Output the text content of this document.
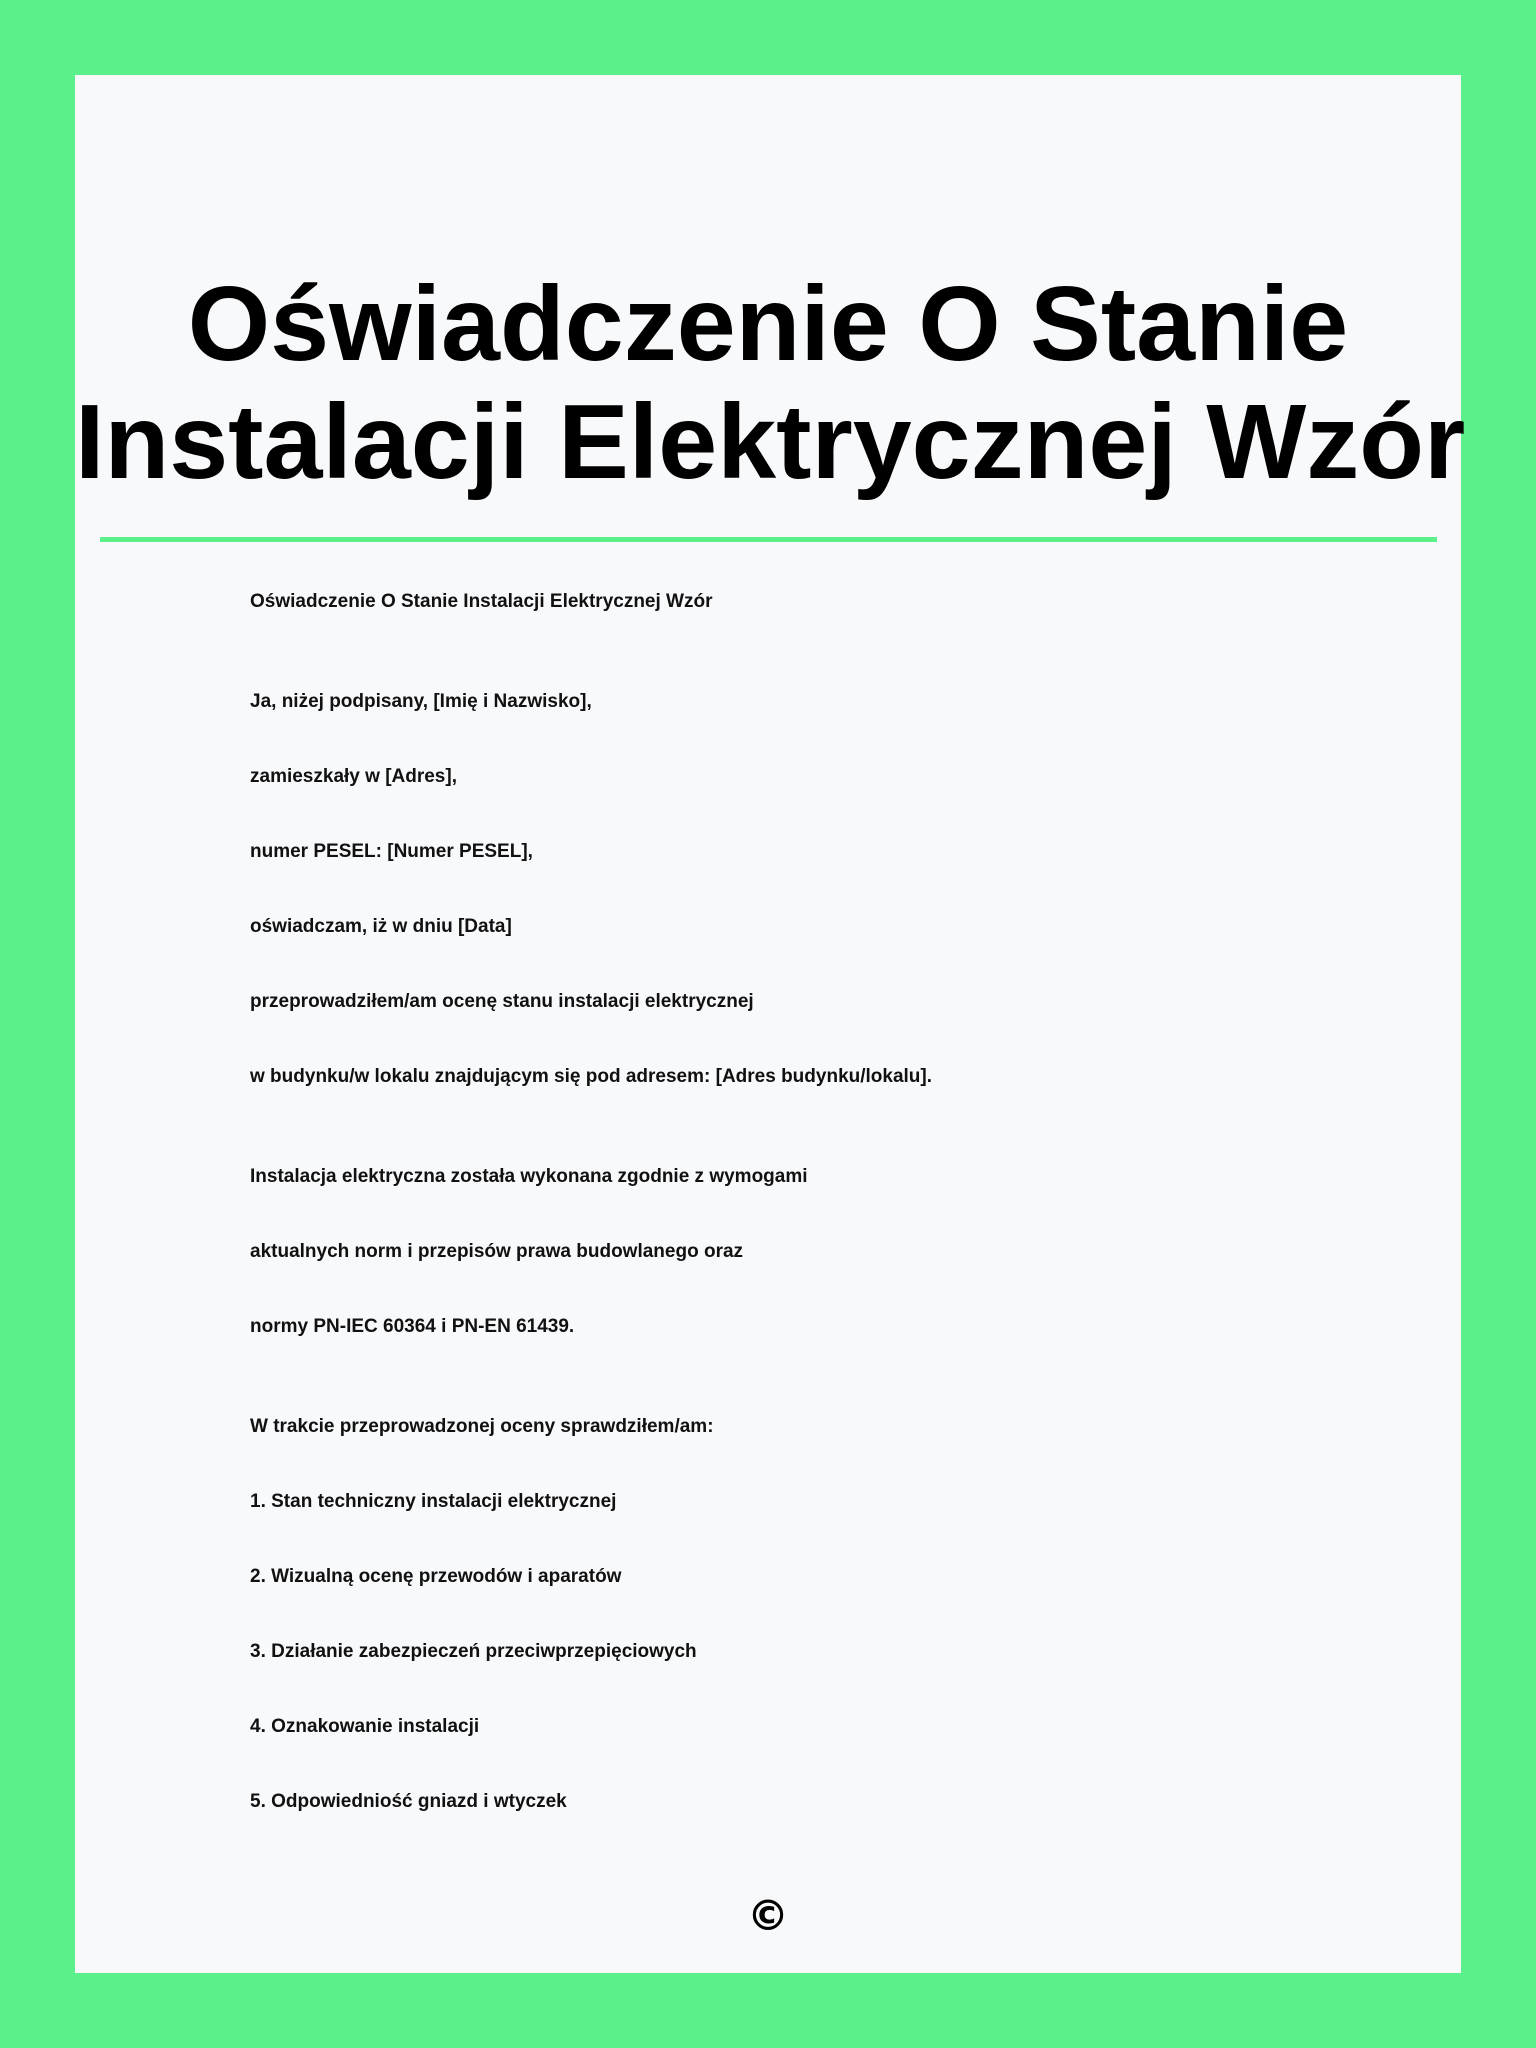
Oświadczenie O Stanie
Instalacji Elektrycznej Wzór
Oświadczenie O Stanie Instalacji Elektrycznej Wzór
Ja, niżej podpisany, [Imię i Nazwisko],
zamieszkały w [Adres],
numer PESEL: [Numer PESEL],
oświadczam, iż w dniu [Data]
przeprowadziłem/am ocenę stanu instalacji elektrycznej
w budynku/w lokalu znajdującym się pod adresem: [Adres budynku/lokalu].
Instalacja elektryczna została wykonana zgodnie z wymogami
aktualnych norm i przepisów prawa budowlanego oraz
normy PN-IEC 60364 i PN-EN 61439.
W trakcie przeprowadzonej oceny sprawdziłem/am:
1. Stan techniczny instalacji elektrycznej
2. Wizualną ocenę przewodów i aparatów
3. Działanie zabezpieczeń przeciwprzepięciowych
4. Oznakowanie instalacji
5. Odpowiedniość gniazd i wtyczek
©
